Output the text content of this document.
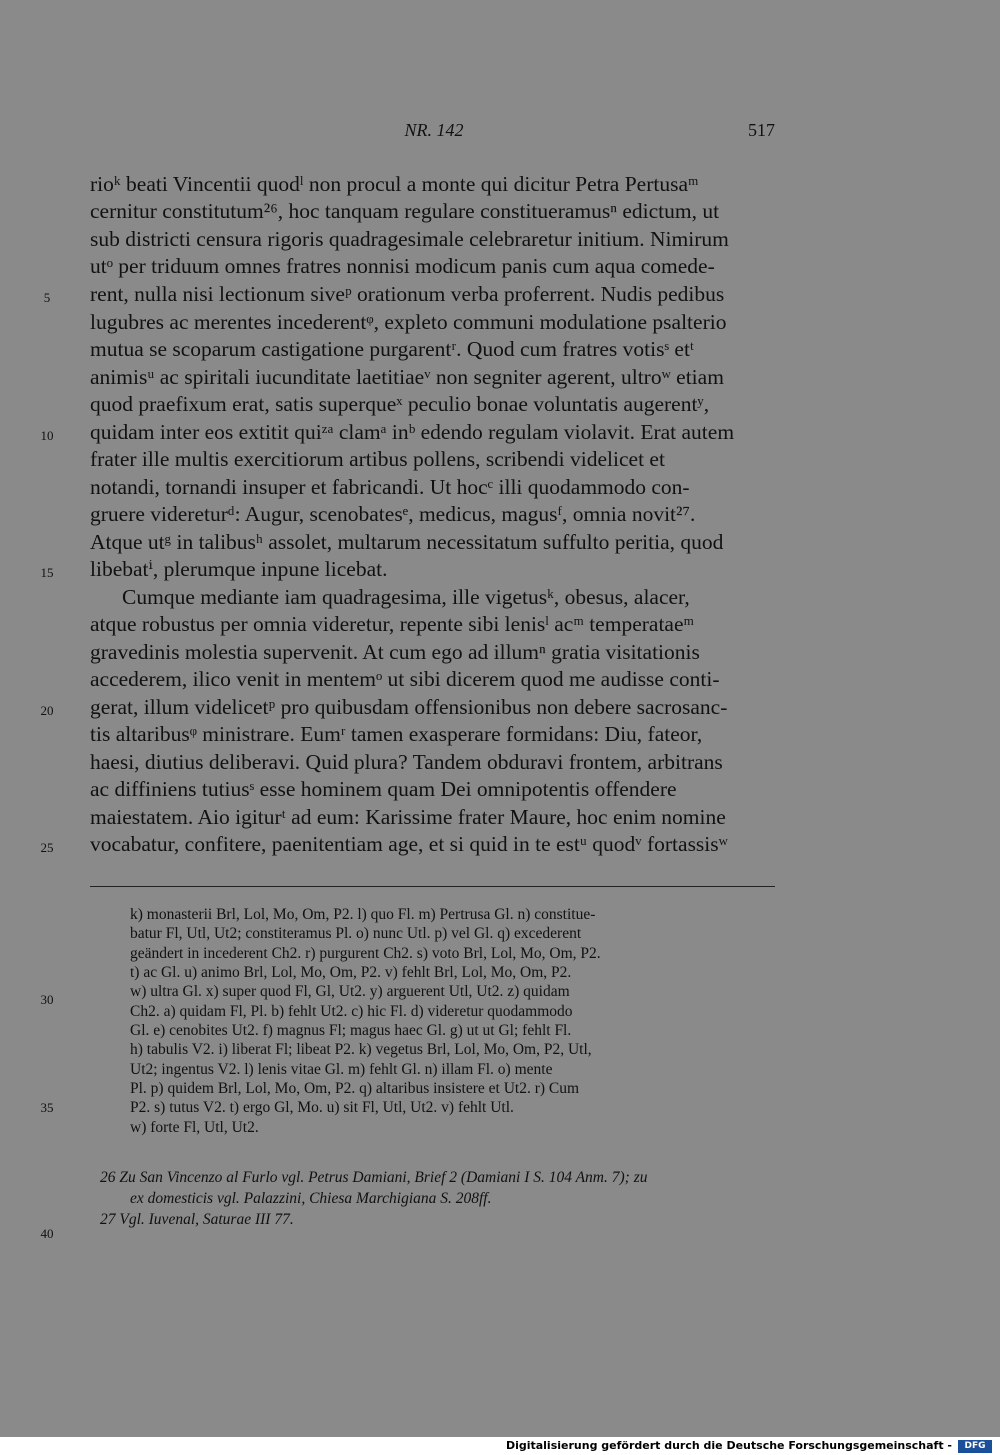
NR. 142	517
rioᵏ beati Vincentii quodˡ non procul a monte qui dicitur Petra Pertusaᵐ
cernitur constitutum²⁶, hoc tanquam regulare constitueramusⁿ edictum, ut
sub districti censura rigoris quadragesimale celebraretur initium. Nimirum
utᵒ per triduum omnes fratres nonnisi modicum panis cum aqua comede-
rent, nulla nisi lectionum siveᵖ orationum verba proferrent. Nudis pedibus
lugubres ac merentes incederentᵠ, expleto communi modulatione psalterio
mutua se scoparum castigatione purgarentʳ. Quod cum fratres votisˢ etᵗ
animisᵘ ac spiritali iucunditate laetitiaeᵛ non segniter agerent, ultroʷ etiam
quod praefixum erat, satis superqueˣ peculio bonae voluntatis augerentʸ,
quidam inter eos extitit quiᶻᵃ clamᵃ inᵇ edendo regulam violavit. Erat autem
frater ille multis exercitiorum artibus pollens, scribendi videlicet et
notandi, tornandi insuper et fabricandi. Ut hocᶜ illi quodammodo con-
gruere videreturᵈ: Augur, scenobatesᵉ, medicus, magusᶠ, omnia novit²⁷.
Atque utᵍ in talibusʰ assolet, multarum necessitatum suffulto peritia, quod
libebatⁱ, plerumque inpune licebat.
Cumque mediante iam quadragesima, ille vigetusᵏ, obesus, alacer,
atque robustus per omnia videretur, repente sibi lenisˡ acᵐ temperataeᵐ
gravedinis molestia supervenit. At cum ego ad illumⁿ gratia visitationis
accederem, ilico venit in mentemᵒ ut sibi dicerem quod me audisse conti-
gerat, illum videlicetᵖ pro quibusdam offensionibus non debere sacrosanc-
tis altaribusᵠ ministrare. Eumʳ tamen exasperare formidans: Diu, fateor,
haesi, diutius deliberavi. Quid plura? Tandem obduravi frontem, arbitrans
ac diffiniens tutiusˢ esse hominem quam Dei omnipotentis offendere
maiestatem. Aio igiturᵗ ad eum: Karissime frater Maure, hoc enim nomine
vocabatur, confitere, paenitentiam age, et si quid in te estᵘ quodᵛ fortassisʷ
5
10
15
20
25
30
35
40
k) monasterii Brl, Lol, Mo, Om, P2. l) quo Fl. m) Pertrusa Gl. n) constitue-
batur Fl, Utl, Ut2; constiteramus Pl. o) nunc Utl. p) vel Gl. q) excederent
geändert in incederent Ch2. r) purgurent Ch2. s) voto Brl, Lol, Mo, Om, P2.
t) ac Gl. u) animo Brl, Lol, Mo, Om, P2. v) fehlt Brl, Lol, Mo, Om, P2.
w) ultra Gl. x) super quod Fl, Gl, Ut2. y) arguerent Utl, Ut2. z) quidam
Ch2. a) quidam Fl, Pl. b) fehlt Ut2. c) hic Fl. d) videretur quodammodo
Gl. e) cenobites Ut2. f) magnus Fl; magus haec Gl. g) ut ut Gl; fehlt Fl.
h) tabulis V2. i) liberat Fl; libeat P2. k) vegetus Brl, Lol, Mo, Om, P2, Utl,
Ut2; ingentus V2. l) lenis vitae Gl. m) fehlt Gl. n) illam Fl. o) mente
Pl. p) quidem Brl, Lol, Mo, Om, P2. q) altaribus insistere et Ut2. r) Cum
P2. s) tutus V2. t) ergo Gl, Mo. u) sit Fl, Utl, Ut2. v) fehlt Utl.
w) forte Fl, Utl, Ut2.
26 Zu San Vincenzo al Furlo vgl. Petrus Damiani, Brief 2 (Damiani I S. 104 Anm. 7); zu
ex domesticis vgl. Palazzini, Chiesa Marchigiana S. 208ff.
27 Vgl. Iuvenal, Saturae III 77.
Digitalisierung gefördert durch die Deutsche Forschungsgemeinschaft -	DFG
